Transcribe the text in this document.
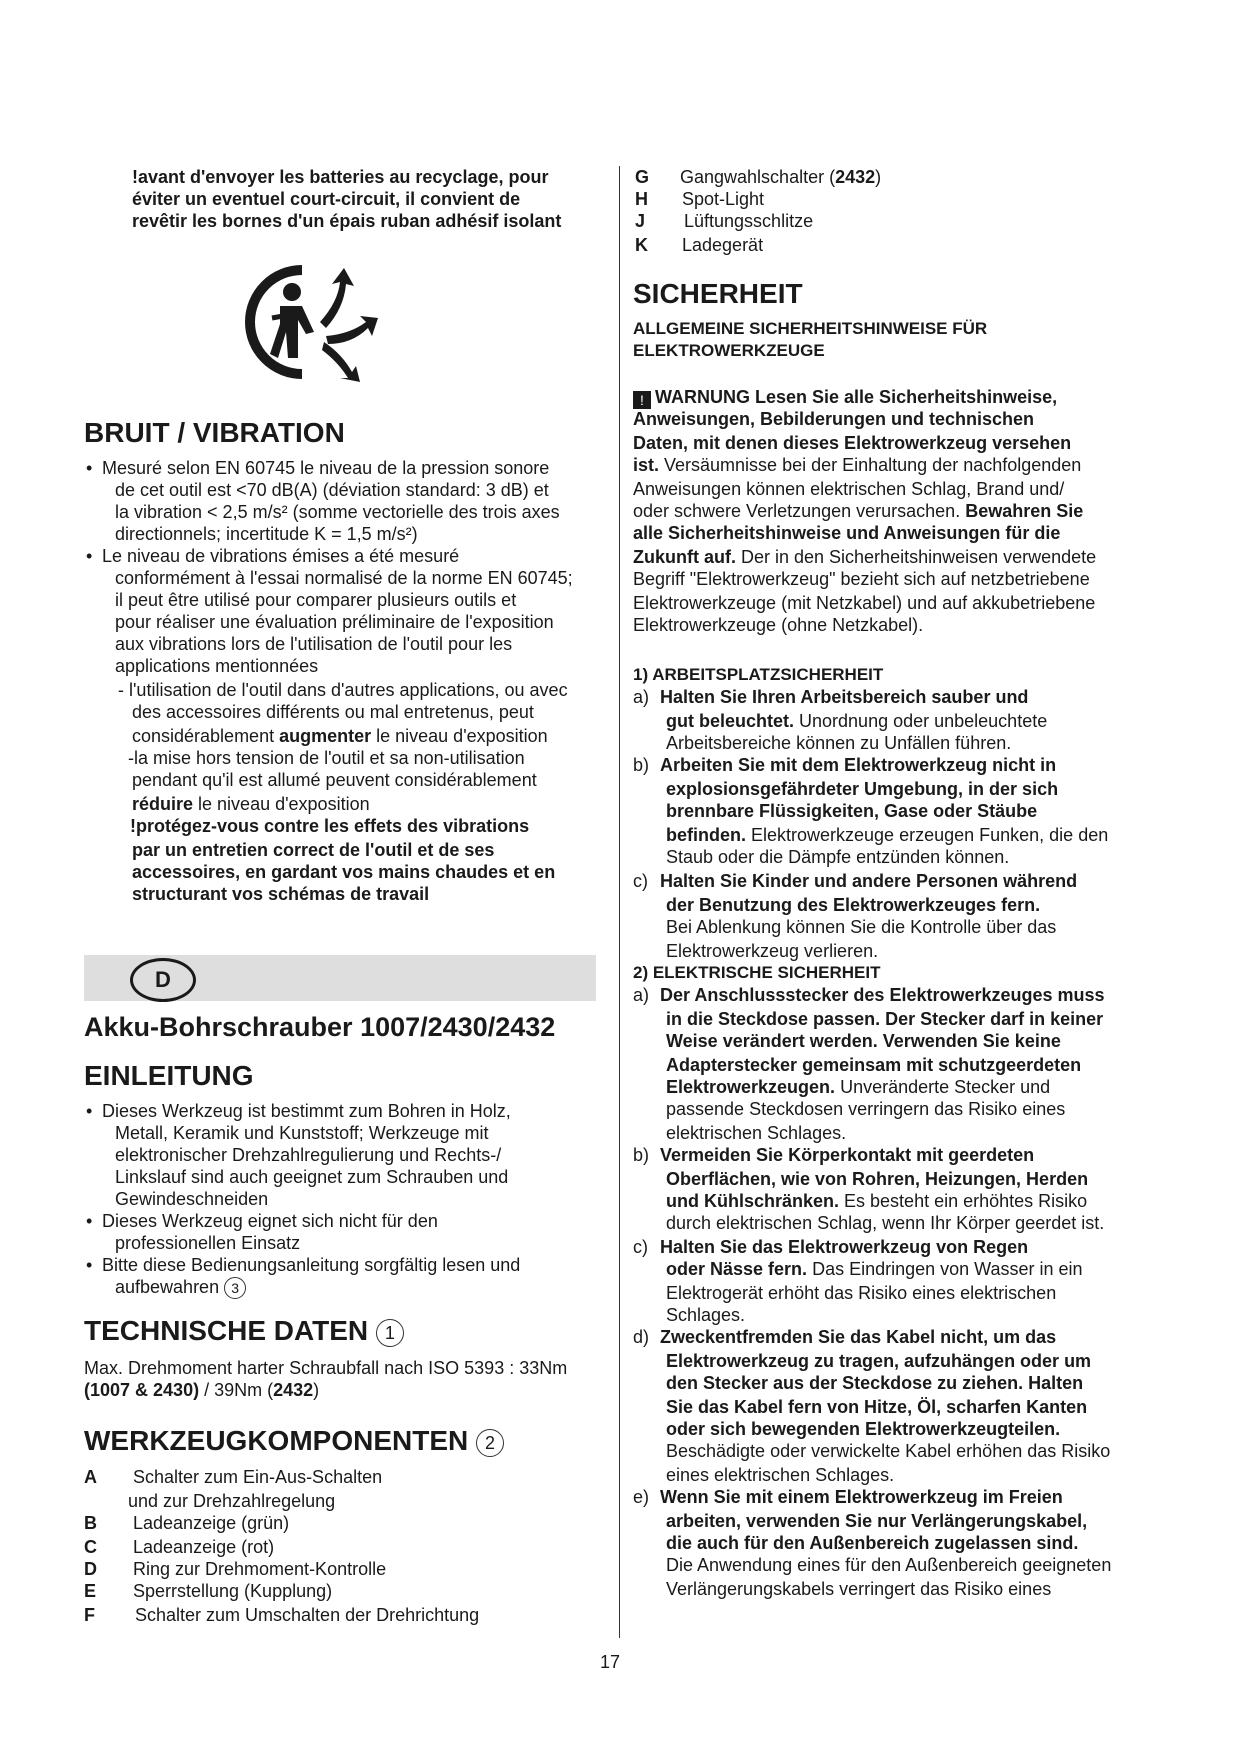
!avant d'envoyer les batteries au recyclage, pour
éviter un eventuel court-circuit, il convient de
revêtir les bornes d'un épais ruban adhésif isolant
BRUIT / VIBRATION
• Mesuré selon EN 60745 le niveau de la pression sonore
de cet outil est <70 dB(A) (déviation standard: 3 dB) et
la vibration < 2,5 m/s² (somme vectorielle des trois axes
directionnels; incertitude K = 1,5 m/s²)
• Le niveau de vibrations émises a été mesuré
conformément à l'essai normalisé de la norme EN 60745;
il peut être utilisé pour comparer plusieurs outils et
pour réaliser une évaluation préliminaire de l'exposition
aux vibrations lors de l'utilisation de l'outil pour les
applications mentionnées
- l'utilisation de l'outil dans d'autres applications, ou avec
des accessoires différents ou mal entretenus, peut
considérablement augmenter le niveau d'exposition
-la mise hors tension de l'outil et sa non-utilisation
pendant qu'il est allumé peuvent considérablement
réduire le niveau d'exposition
!protégez-vous contre les effets des vibrations
par un entretien correct de l'outil et de ses
accessoires, en gardant vos mains chaudes et en
structurant vos schémas de travail
D
Akku-Bohrschrauber 1007/2430/2432
EINLEITUNG
• Dieses Werkzeug ist bestimmt zum Bohren in Holz,
Metall, Keramik und Kunststoff; Werkzeuge mit
elektronischer Drehzahlregulierung und Rechts-/
Linkslauf sind auch geeignet zum Schrauben und
Gewindeschneiden
• Dieses Werkzeug eignet sich nicht für den
professionellen Einsatz
• Bitte diese Bedienungsanleitung sorgfältig lesen und
aufbewahren 3
TECHNISCHE DATEN 1
Max. Drehmoment harter Schraubfall nach ISO 5393 : 33Nm
(1007 & 2430) / 39Nm (2432)
WERKZEUGKOMPONENTEN 2
A Schalter zum Ein-Aus-Schalten
und zur Drehzahlregelung
B Ladeanzeige (grün)
C Ladeanzeige (rot)
D Ring zur Drehmoment-Kontrolle
E Sperrstellung (Kupplung)
F Schalter zum Umschalten der Drehrichtung
G Gangwahlschalter (2432)
H Spot-Light
J Lüftungsschlitze
K Ladegerät
SICHERHEIT
ALLGEMEINE SICHERHEITSHINWEISE FÜR
ELEKTROWERKZEUGE
! WARNUNG Lesen Sie alle Sicherheitshinweise,
Anweisungen, Bebilderungen und technischen
Daten, mit denen dieses Elektrowerkzeug versehen
ist. Versäumnisse bei der Einhaltung der nachfolgenden
Anweisungen können elektrischen Schlag, Brand und/
oder schwere Verletzungen verursachen. Bewahren Sie
alle Sicherheitshinweise und Anweisungen für die
Zukunft auf. Der in den Sicherheitshinweisen verwendete
Begriff "Elektrowerkzeug" bezieht sich auf netzbetriebene
Elektrowerkzeuge (mit Netzkabel) und auf akkubetriebene
Elektrowerkzeuge (ohne Netzkabel).
1) ARBEITSPLATZSICHERHEIT
a) Halten Sie Ihren Arbeitsbereich sauber und
gut beleuchtet. Unordnung oder unbeleuchtete
Arbeitsbereiche können zu Unfällen führen.
b) Arbeiten Sie mit dem Elektrowerkzeug nicht in
explosionsgefährdeter Umgebung, in der sich
brennbare Flüssigkeiten, Gase oder Stäube
befinden. Elektrowerkzeuge erzeugen Funken, die den
Staub oder die Dämpfe entzünden können.
c) Halten Sie Kinder und andere Personen während
der Benutzung des Elektrowerkzeuges fern.
Bei Ablenkung können Sie die Kontrolle über das
Elektrowerkzeug verlieren.
2) ELEKTRISCHE SICHERHEIT
a) Der Anschlussstecker des Elektrowerkzeuges muss
in die Steckdose passen. Der Stecker darf in keiner
Weise verändert werden. Verwenden Sie keine
Adapterstecker gemeinsam mit schutzgeerdeten
Elektrowerkzeugen. Unveränderte Stecker und
passende Steckdosen verringern das Risiko eines
elektrischen Schlages.
b) Vermeiden Sie Körperkontakt mit geerdeten
Oberflächen, wie von Rohren, Heizungen, Herden
und Kühlschränken. Es besteht ein erhöhtes Risiko
durch elektrischen Schlag, wenn Ihr Körper geerdet ist.
c) Halten Sie das Elektrowerkzeug von Regen
oder Nässe fern. Das Eindringen von Wasser in ein
Elektrogerät erhöht das Risiko eines elektrischen
Schlages.
d) Zweckentfremden Sie das Kabel nicht, um das
Elektrowerkzeug zu tragen, aufzuhängen oder um
den Stecker aus der Steckdose zu ziehen. Halten
Sie das Kabel fern von Hitze, Öl, scharfen Kanten
oder sich bewegenden Elektrowerkzeugteilen.
Beschädigte oder verwickelte Kabel erhöhen das Risiko
eines elektrischen Schlages.
e) Wenn Sie mit einem Elektrowerkzeug im Freien
arbeiten, verwenden Sie nur Verlängerungskabel,
die auch für den Außenbereich zugelassen sind.
Die Anwendung eines für den Außenbereich geeigneten
Verlängerungskabels verringert das Risiko eines
17
